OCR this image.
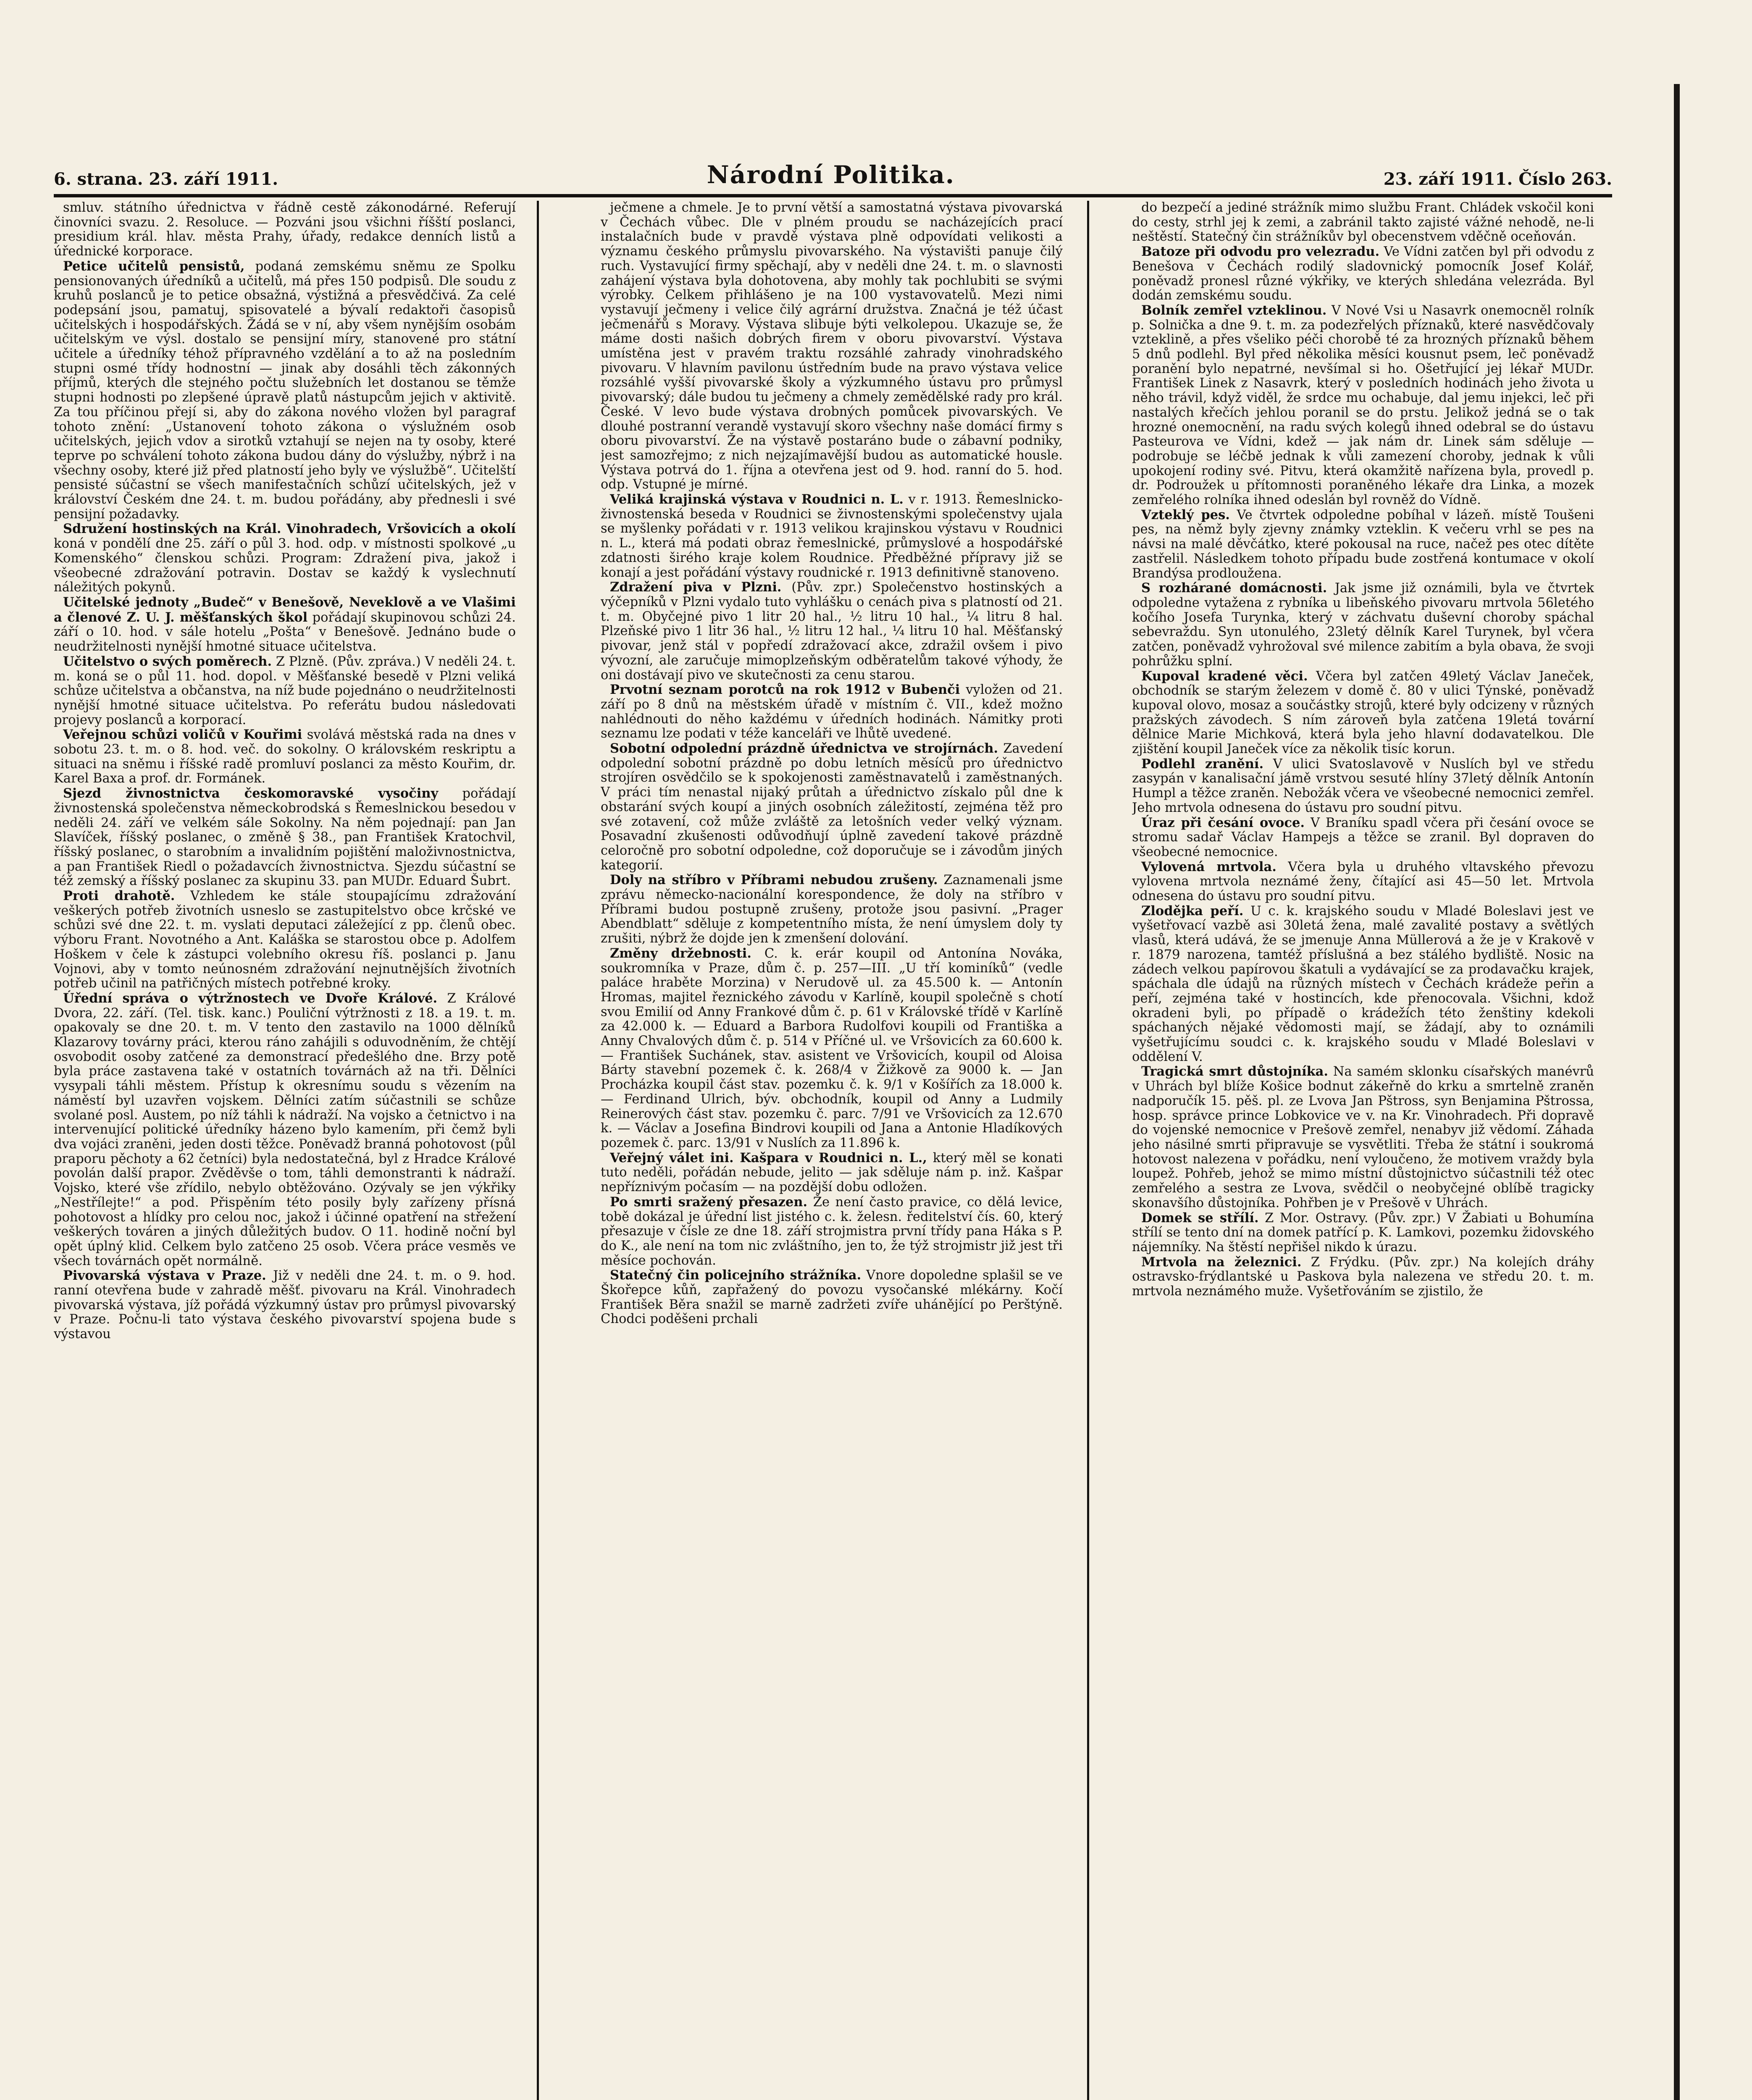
6. strana. 23. září 1911.	Národní Politika.	23. září 1911. Číslo 263.

smluv. státního úřednictva v řádně cestě zákonodárné. Referují činovníci svazu. 2. Resoluce. — Pozváni jsou všichni říšští poslanci, presidium král. hlav. města Prahy, úřady, redakce denních listů a úřednické korporace.

Petice učitelů pensistů, podaná zemskému sněmu ze Spolku pensionovaných úředníků a učitelů, má přes 150 podpisů. Dle soudu z kruhů poslanců je to petice obsažná, výstižná a přesvědčivá. Za celé podepsání jsou, pamatuj, spisovatelé a bývalí redaktoři časopisů učitelských i hospodářských. Žádá se v ní, aby všem nynějším osobám učitelským ve výsl. dostalo se pensijní míry, stanovené pro státní učitele a úředníky téhož přípravného vzdělání a to až na posledním stupni osmé třídy hodnostní — jinak aby dosáhli těch zákonných příjmů, kterých dle stejného počtu služebních let dostanou se těmže stupni hodnosti po zlepšené úpravě platů nástupcům jejich v aktivitě. Za tou příčinou přejí si, aby do zákona nového vložen byl paragraf tohoto znění: „Ustanovení tohoto zákona o výslužném osob učitelských, jejich vdov a sirotků vztahují se nejen na ty osoby, které teprve po schválení tohoto zákona budou dány do výslužby, nýbrž i na všechny osoby, které již před platností jeho byly ve výslužbě“. Učitelští pensisté súčastní se všech manifestačních schůzí učitelských, jež v království Českém dne 24. t. m. budou pořádány, aby přednesli i své pensijní požadavky.

Sdružení hostinských na Král. Vinohradech, Vršovicích a okolí koná v pondělí dne 25. září o půl 3. hod. odp. v místnosti spolkové „u Komenského“ členskou schůzi. Program: Zdražení piva, jakož i všeobecné zdražování potravin. Dostav se každý k vyslechnutí náležitých pokynů.

Učitelské jednoty „Budeč“ v Benešově, Neveklově a ve Vlašimi a členové Z. U. J. měšťanských škol pořádají skupinovou schůzi 24. září o 10. hod. v sále hotelu „Pošta“ v Benešově. Jednáno bude o neudržitelnosti nynější hmotné situace učitelstva.

Učitelstvo o svých poměrech. Z Plzně. (Pův. zpráva.) V neděli 24. t. m. koná se o půl 11. hod. dopol. v Měšťanské besedě v Plzni veliká schůze učitelstva a občanstva, na níž bude pojednáno o neudržitelnosti nynější hmotné situace učitelstva. Po referátu budou následovati projevy poslanců a korporací.

Veřejnou schůzi voličů v Kouřimi svolává městská rada na dnes v sobotu 23. t. m. o 8. hod. več. do sokolny. O královském reskriptu a situaci na sněmu i říšské radě promluví poslanci za město Kouřim, dr. Karel Baxa a prof. dr. Formánek.

Sjezd živnostnictva českomoravské vysočiny pořádají živnostenská společenstva německobrodská s Řemeslnickou besedou v neděli 24. září ve velkém sále Sokolny. Na něm pojednají: pan Jan Slavíček, říšský poslanec, o změně § 38., pan František Kratochvil, říšský poslanec, o starobním a invalidním pojištění malоživnostnictva, a pan František Riedl o požadavcích živnostnictva. Sjezdu súčastní se též zemský a říšský poslanec za skupinu 33. pan MUDr. Eduard Šubrt.

Proti drahotě. Vzhledem ke stále stoupajícímu zdražování veškerých potřeb životních usneslo se zastupitelstvo obce krčské ve schůzi své dne 22. t. m. vyslati deputaci záležející z pp. členů obec. výboru Frant. Novotného a Ant. Kaláška se starostou obce p. Adolfem Hoškem v čele k zástupci volebního okresu říš. poslanci p. Janu Vojnovi, aby v tomto neúnosném zdražování nejnutnějších životních potřeb učinil na patřičných místech potřebné kroky.

Úřední správa o výtržnostech ve Dvoře Králové. Z Králové Dvora, 22. září. (Tel. tisk. kanc.) Pouliční výtržnosti z 18. a 19. t. m. opakovaly se dne 20. t. m. V tento den zastavilo na 1000 dělníků Klazarovy továrny práci, kterou ráno zahájili s oduvodněním, že chtějí osvobodit osoby zatčené za demonstrací předešlého dne. Brzy potě byla práce zastavena také v ostatních továrnách až na tři. Dělníci vysypali táhli městem. Přístup k okresnímu soudu s vězením na náměstí byl uzavřen vojskem. Dělníci zatím súčastnili se schůze svolané posl. Austem, po níž táhli k nádraží. Na vojsko a četnictvo i na intervenující politické úředníky házeno bylo kamením, při čemž byli dva vojáci zraněni, jeden dosti těžce. Poněvadž branná pohotovost (půl praporu pěchoty a 62 četníci) byla nedostatečná, byl z Hradce Králové povolán další prapor. Zvěděvše o tom, táhli demonstranti k nádraží. Vojsko, které vše zřídilo, nebylo obtěžováno. Ozývaly se jen výkřiky „Nestřílejte!“ a pod. Přispěním této posily byly zařízeny přísná pohotovost a hlídky pro celou noc, jakož i účinné opatření na střežení veškerých továren a jiných důležitých budov. O 11. hodině noční byl opět úplný klid. Celkem bylo zatčeno 25 osob. Včera práce vesměs ve všech továrnách opět normálně.

Pivovarská výstava v Praze. Již v neděli dne 24. t. m. o 9. hod. ranní otevřena bude v zahradě měšť. pivovaru na Král. Vinohradech pivovarská výstava, jíž pořádá výzkumný ústav pro průmysl pivovarský v Praze. Počnu-li tato výstava českého pivovarství spojena bude s výstavou

ječmene a chmele. Je to první větší a samostatná výstava pivovarská v Čechách vůbec. Dle v plném proudu se nacházejících prací instalačních bude v pravdě výstava plně odpovídati velikosti a významu českého průmyslu pivovarského. Na výstavišti panuje čilý ruch. Vystavující firmy spěchají, aby v neděli dne 24. t. m. o slavnosti zahájení výstava byla dohotovena, aby mohly tak pochlubiti se svými výrobky. Celkem přihlášeno je na 100 vystavovatelů. Mezi nimi vystavují ječmeny i velice čilý agrární družstva. Značná je též účast ječmenářů s Moravy. Výstava slibuje býti velkolepou. Ukazuje se, že máme dosti našich dobrých firem v oboru pivovarství. Výstava umístěna jest v pravém traktu rozsáhlé zahrady vinohradského pivovaru. V hlavním pavilonu ústředním bude na pravo výstava velice rozsáhlé vyšší pivovarské školy a výzkumného ústavu pro průmysl pivovarský; dále budou tu ječmeny a chmely zemědělské rady pro král. České. V levo bude výstava drobných pomůcek pivovarských. Ve dlouhé postranní verandě vystavují skoro všechny naše domácí firmy s oboru pivovarství. Že na výstavě postaráno bude o zábavní podniky, jest samozřejmo; z nich nejzajímavější budou as automatické housle. Výstava potrvá do 1. října a otevřena jest od 9. hod. ranní do 5. hod. odp. Vstupné je mírné.

Veliká krajinská výstava v Roudnici n. L. v r. 1913. Řemeslnicko-živnostenská beseda v Roudnici se živnostenskými společenstvy ujala se myšlenky pořádati v r. 1913 velikou krajinskou výstavu v Roudnici n. L., která má podati obraz řemeslnické, průmyslové a hospodářské zdatnosti širého kraje kolem Roudnice. Předběžné přípravy již se konají a jest pořádání výstavy roudnické r. 1913 definitivně stanoveno.

Zdražení piva v Plzni. (Pův. zpr.) Společenstvo hostinských a výčepníků v Plzni vydalo tuto vyhlášku o cenách piva s platností od 21. t. m. Obyčejné pivo 1 litr 20 hal., ½ litru 10 hal., ¼ litru 8 hal. Plzeňské pivo 1 litr 36 hal., ½ litru 12 hal., ¼ litru 10 hal. Měšťanský pivovar, jenž stál v popředí zdražovací akce, zdražil ovšem i pivo vývozní, ale zaručuje mimoplzeňským odběratelům takové výhody, že oni dostávají pivo ve skutečnosti za cenu starou.

Prvotní seznam porotců na rok 1912 v Bubenči vyložen od 21. září po 8 dnů na městském úřadě v místním č. VII., kdež možno nahlédnouti do něho každému v úředních hodinách. Námitky proti seznamu lze podati v téže kanceláři ve lhůtě uvedené.

Sobotní odpolední prázdně úřednictva ve strojírnách. Zavedení odpolední sobotní prázdně po dobu letních měsíců pro úřednictvo strojíren osvědčilo se k spokojenosti zaměstnavatelů i zaměstnaných. V práci tím nenastal nijaký průtah a úřednictvo získalo půl dne k obstarání svých koupí a jiných osobních záležitostí, zejména těž pro své zotavení, což může zvláště za letošních veder velký význam. Posavadní zkušenosti odůvodňují úplně zavedení takové prázdně celoročně pro sobotní odpoledne, což doporučuje se i závodům jiných kategorií.

Doly na stříbro v Příbrami nebudou zrušeny. Zaznamenali jsme zprávu německo-nacionální korespondence, že doly na stříbro v Příbrami budou postupně zrušeny, protože jsou pasivní. „Prager Abendblatt“ sděluje z kompetentního místa, že není úmyslem doly ty zrušiti, nýbrž že dojde jen k zmenšení dolování.

Změny držebnosti. C. k. erár koupil od Antonína Nováka, soukromníka v Praze, dům č. p. 257—III. „U tří kominíků“ (vedle paláce hraběte Morzina) v Nerudově ul. za 45.500 k. — Antonín Hromas, majitel řeznického závodu v Karlíně, koupil společně s chotí svou Emilií od Anny Frankové dům č. p. 61 v Královské třídě v Karlíně za 42.000 k. — Eduard a Barbora Rudolfovi koupili od Františka a Anny Chvalových dům č. p. 514 v Příčné ul. ve Vršovicích za 60.600 k. — František Suchánek, stav. asistent ve Vršovicích, koupil od Aloisa Bárty stavební pozemek č. k. 268/4 v Žižkově za 9000 k. — Jan Procházka koupil část stav. pozemku č. k. 9/1 v Košířích za 18.000 k. — Ferdinand Ulrich, býv. obchodník, koupil od Anny a Ludmily Reinerových část stav. pozemku č. parc. 7/91 ve Vršovicích za 12.670 k. — Václav a Josefina Bindrovi koupili od Jana a Antonie Hladíkových pozemek č. parc. 13/91 v Nuslích za 11.896 k.

Veřejný válet ini. Kašpara v Roudnici n. L., který měl se konati tuto neděli, pořádán nebude, jelito — jak sděluje nám p. inž. Kašpar nepříznivým počasím — na pozdější dobu odložen.

Po smrti sražený přesazen. Že není často pravice, co dělá levice, tobě dokázal je úřední list jistého c. k. želesn. ředitelství čís. 60, který přesazuje v čísle ze dne 18. září strojmistra první třídy pana Háka s P. do K., ale není na tom nic zvláštního, jen to, že týž strojmistr již jest tři měsíce pochován.

Statečný čin policejního strážníka. Vnore dopoledne splašil se ve Škořepce kůň, zapřažený do povozu vysočanské mlékárny. Kočí František Běra snažil se marně zadržeti zvíře uhánějící po Perštýně. Chodci poděšeni prchali

do bezpečí a jediné strážník mimo službu Frant. Chládek vskočil koni do cesty, strhl jej k zemi, a zabránil takto zajisté vážné nehodě, ne-li neštěstí. Statečný čin strážníkův byl obecenstvem vděčně oceňován.

Batoze při odvodu pro velezradu. Ve Vídni zatčen byl při odvodu z Benešova v Čechách rodilý sladovnický pomocník Josef Kolář, poněvadž pronesl různé výkřiky, ve kterých shledána velezráda. Byl dodán zemskému soudu.

Bolník zemřel vzteklinou. V Nové Vsi u Nasavrk onemocněl rolník p. Solnička a dne 9. t. m. za podezřelých příznaků, které nasvědčovaly vzteklině, a přes všeliko péči chorobě té za hrozných příznaků během 5 dnů podlehl. Byl před několika měsíci kousnut psem, leč poněvadž poranění bylo nepatrné, nevšímal si ho. Ošetřující jej lékař MUDr. František Linek z Nasavrk, který v posledních hodinách jeho života u něho trávil, když viděl, že srdce mu ochabuje, dal jemu injekci, leč při nastalých křečích jehlou poranil se do prstu. Jelikož jedná se o tak hrozné onemocnění, na radu svých kolegů ihned odebral se do ústavu Pasteurova ve Vídni, kdež — jak nám dr. Linek sám sděluje — podrobuje se léčbě jednak k vůli zamezení choroby, jednak k vůli upokojení rodiny své. Pitvu, která okamžitě nařízena byla, provedl p. dr. Podroužek u přítomnosti poraněného lékaře dra Linka, a mozek zemřelého rolníka ihned odeslán byl rovněž do Vídně.

Vzteklý pes. Ve čtvrtek odpoledne pobíhal v lázeň. místě Toušeni pes, na němž byly zjevny známky vzteklin. K večeru vrhl se pes na návsi na malé děvčátko, které pokousal na ruce, načež pes otec dítěte zastřelil. Následkem tohoto případu bude zostřená kontumace v okolí Brandýsa prodloužena.

S rozhárané domácnosti. Jak jsme již oznámili, byla ve čtvrtek odpoledne vytažena z rybníka u libeňského pivovaru mrtvola 56letého kočího Josefa Turynka, který v záchvatu duševní choroby spáchal sebevraždu. Syn utonulého, 23letý dělník Karel Turynek, byl včera zatčen, poněvadž vyhrožoval své milence zabitím a byla obava, že svoji pohrůžku splní.

Kupoval kradené věci. Včera byl zatčen 49letý Václav Janeček, obchodník se starým železem v domě č. 80 v ulici Týnské, poněvadž kupoval olovo, mosaz a součástky strojů, které byly odcizeny v různých pražských závodech. S ním zároveň byla zatčena 19letá tovární dělnice Marie Michková, která byla jeho hlavní dodavatelkou. Dle zjištění koupil Janeček více za několik tisíc korun.

Podlehl zranění. V ulici Svatoslavově v Nuslích byl ve středu zasypán v kanalisační jámě vrstvou sesuté hlíny 37letý dělník Antonín Humpl a těžce zraněn. Nebožák včera ve všeobecné nemocnici zemřel. Jeho mrtvola odnesena do ústavu pro soudní pitvu.

Úraz při česání ovoce. V Braníku spadl včera při česání ovoce se stromu sadař Václav Hampejs a těžce se zranil. Byl dopraven do všeobecné nemocnice.

Vylovená mrtvola. Včera byla u druhého vltavského převozu vylovena mrtvola neznámé ženy, čítající asi 45—50 let. Mrtvola odnesena do ústavu pro soudní pitvu.

Zlodějka peří. U c. k. krajského soudu v Mladé Boleslavi jest ve vyšetřovací vazbě asi 30letá žena, malé zavalité postavy a světlých vlasů, která udává, že se jmenuje Anna Müllerová a že je v Krakově v r. 1879 narozena, tamtéž příslušná a bez stálého bydliště. Nosic na zádech velkou papírovou škatuli a vydávající se za prodavačku krajek, spáchala dle údajů na různých místech v Čechách krádeže peřin a peří, zejména také v hostincích, kde přenocovala. Všichni, kdož okradeni byli, po případě o krádežích této ženštiny kdekoli spáchaných nějaké vědomosti mají, se žádají, aby to oznámili vyšetřujícímu soudci c. k. krajského soudu v Mladé Boleslavi v oddělení V.

Tragická smrt důstojníka. Na samém sklonku císařských manévrů v Uhrách byl blíže Košice bodnut zákeřně do krku a smrtelně zraněn nadporučík 15. pěš. pl. ze Lvova Jan Pštross, syn Benjamina Pštrossa, hosp. správce prince Lobkovice ve v. na Kr. Vinohradech. Při dopravě do vojenské nemocnice v Prešově zemřel, nenabyv již vědomí. Záhada jeho násilné smrti připravuje se vysvětliti. Třeba že státní i soukromá hotovost nalezena v pořádku, není vyloučeno, že motivem vraždy byla loupež. Pohřeb, jehož se mimo místní důstojnictvo súčastnili též otec zemřelého a sestra ze Lvova, svědčil o neobyčejné oblíbě tragicky skonavšího důstojníka. Pohřben je v Prešově v Uhrách.

Domek se střílí. Z Mor. Ostravy. (Pův. zpr.) V Žabiati u Bohumína střílí se tento dní na domek patřící p. K. Lamkovi, pozemku židovského nájemníky. Na štěstí nepřišel nikdo k úrazu.

Mrtvola na železnici. Z Frýdku. (Pův. zpr.) Na kolejích dráhy ostravsko-frýdlantské u Paskova byla nalezena ve středu 20. t. m. mrtvola neznámého muže. Vyšetřováním se zjistilo, že
